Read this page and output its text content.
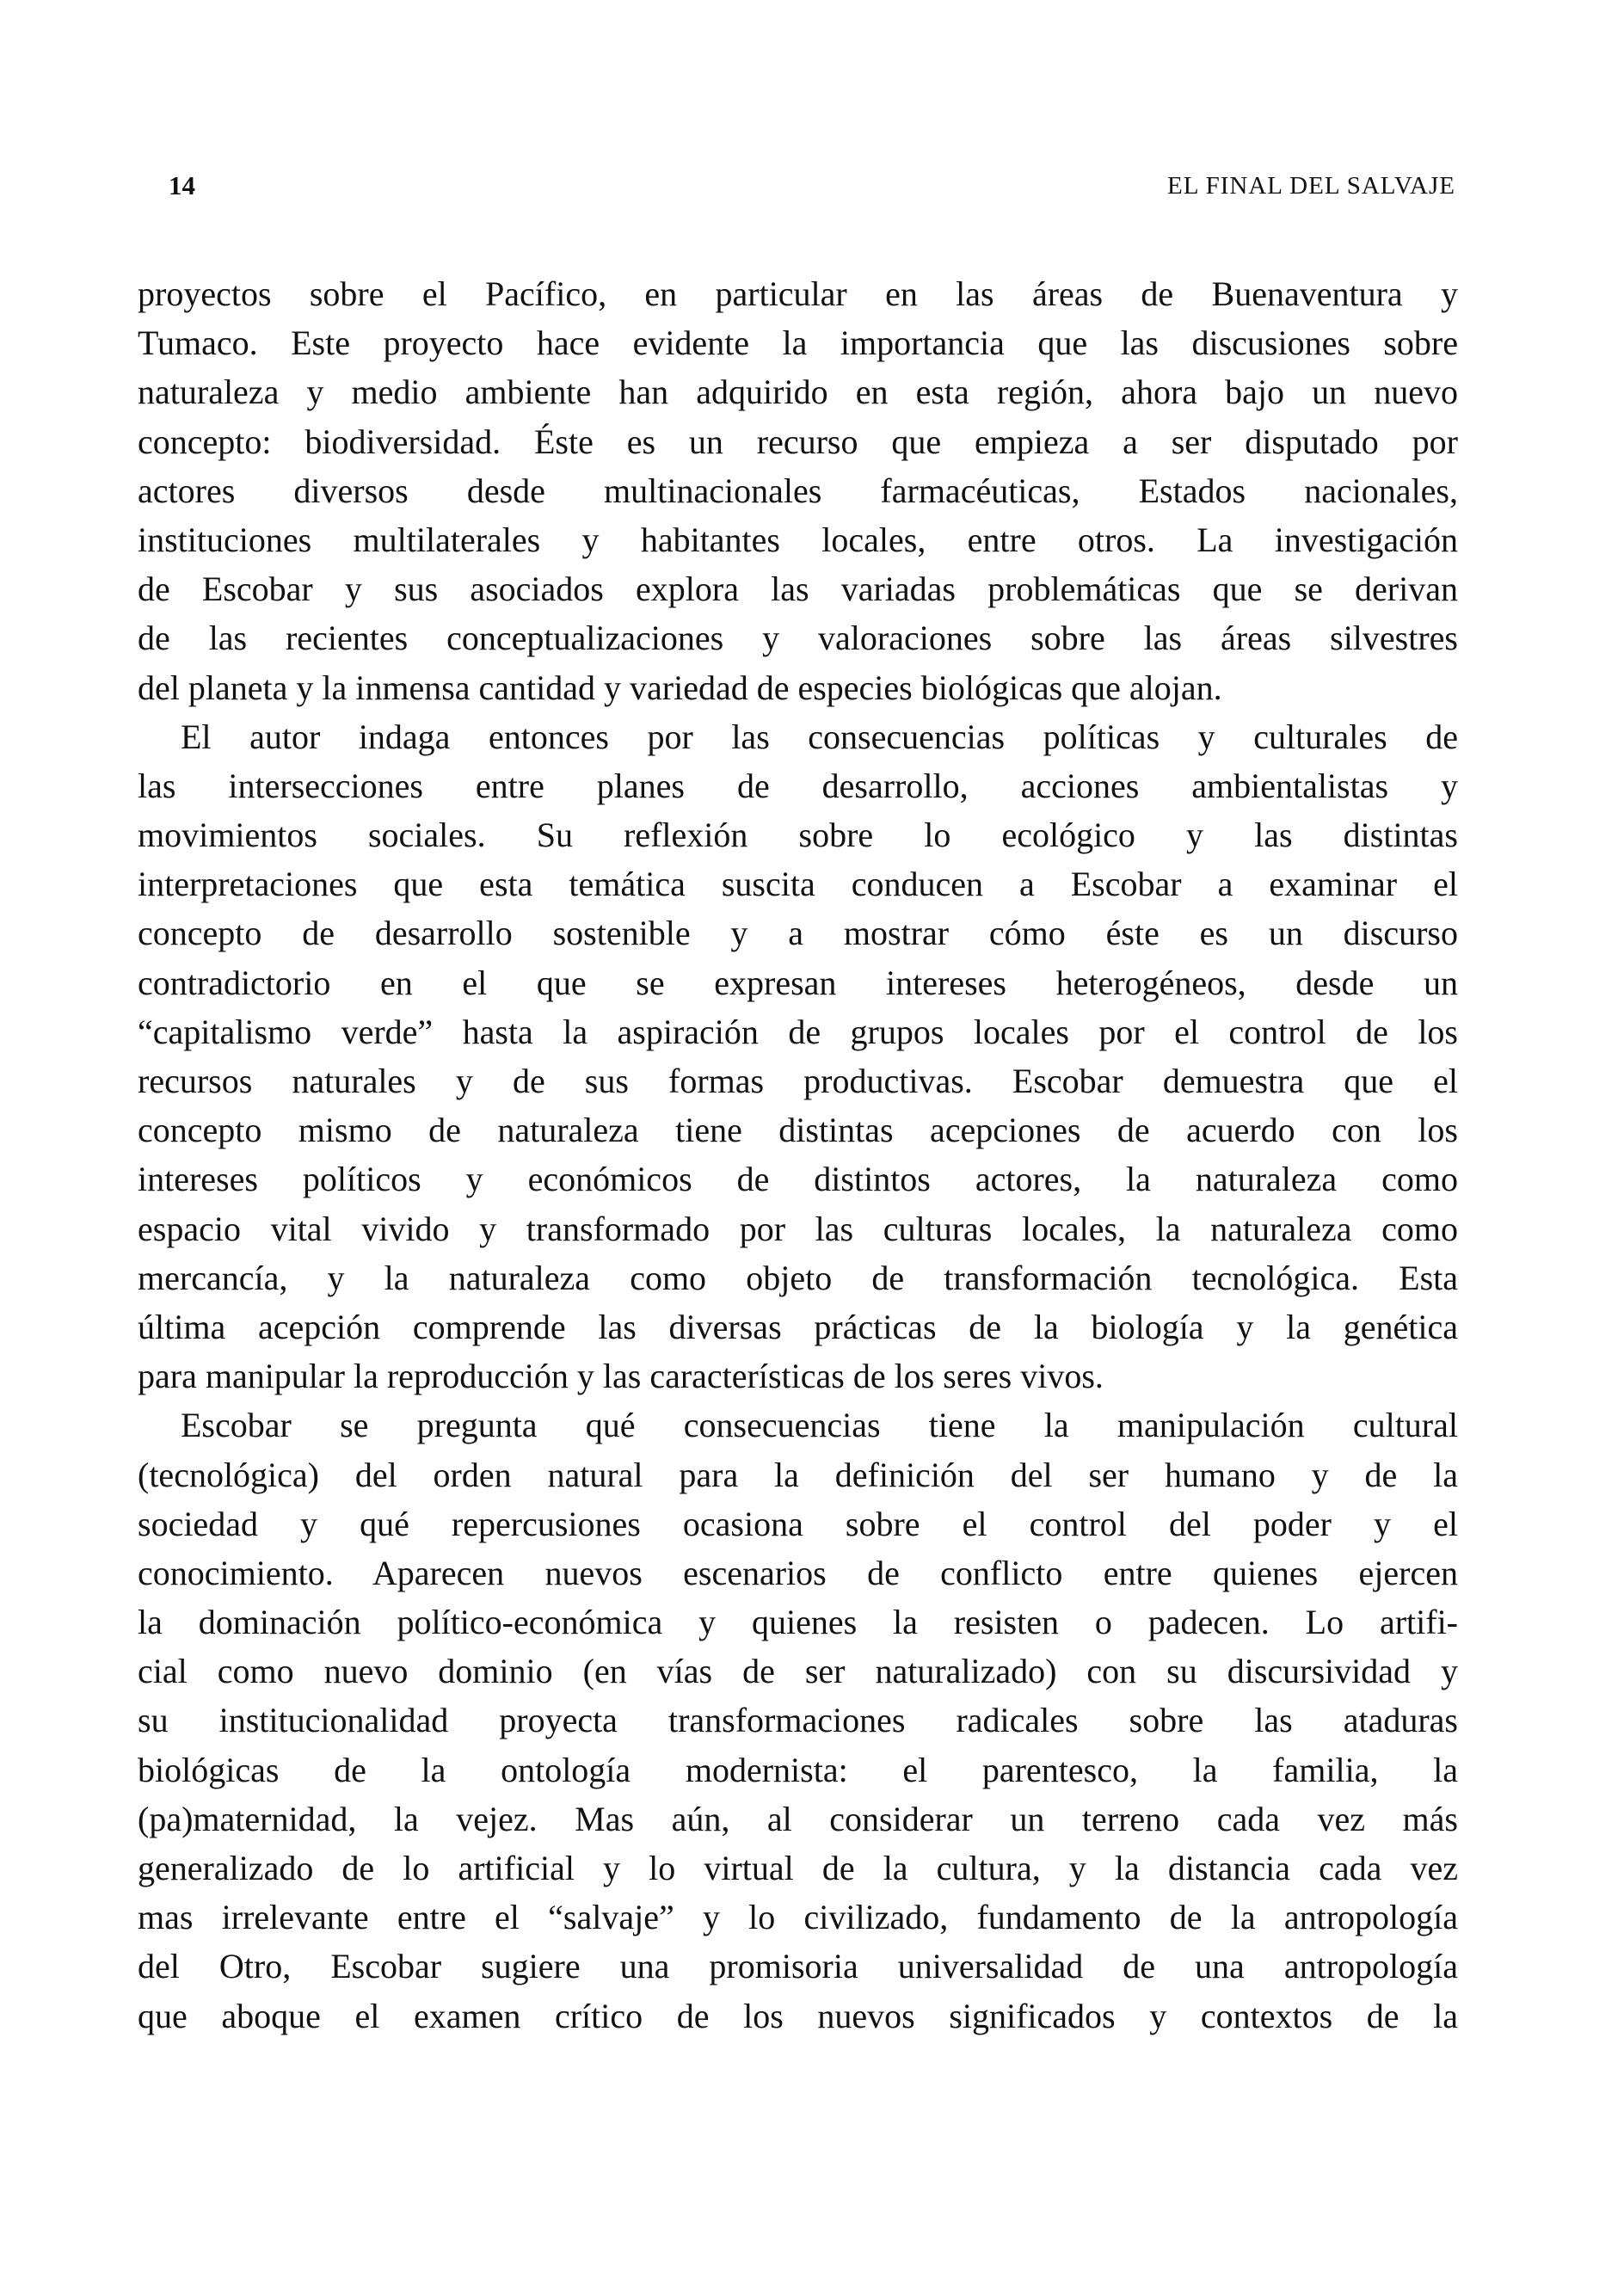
14	EL FINAL DEL SALVAJE
proyectos sobre el Pacífico, en particular en las áreas de Buenaventura y
Tumaco. Este proyecto hace evidente la importancia que las discusiones sobre
naturaleza y medio ambiente han adquirido en esta región, ahora bajo un nuevo
concepto: biodiversidad. Éste es un recurso que empieza a ser disputado por
actores diversos desde multinacionales farmacéuticas, Estados nacionales,
instituciones multilaterales y habitantes locales, entre otros. La investigación
de Escobar y sus asociados explora las variadas problemáticas que se derivan
de las recientes conceptualizaciones y valoraciones sobre las áreas silvestres
del planeta y la inmensa cantidad y variedad de especies biológicas que alojan.
El autor indaga entonces por las consecuencias políticas y culturales de
las intersecciones entre planes de desarrollo, acciones ambientalistas y
movimientos sociales. Su reflexión sobre lo ecológico y las distintas
interpretaciones que esta temática suscita conducen a Escobar a examinar el
concepto de desarrollo sostenible y a mostrar cómo éste es un discurso
contradictorio en el que se expresan intereses heterogéneos, desde un
“capitalismo verde” hasta la aspiración de grupos locales por el control de los
recursos naturales y de sus formas productivas. Escobar demuestra que el
concepto mismo de naturaleza tiene distintas acepciones de acuerdo con los
intereses políticos y económicos de distintos actores, la naturaleza como
espacio vital vivido y transformado por las culturas locales, la naturaleza como
mercancía, y la naturaleza como objeto de transformación tecnológica. Esta
última acepción comprende las diversas prácticas de la biología y la genética
para manipular la reproducción y las características de los seres vivos.
Escobar se pregunta qué consecuencias tiene la manipulación cultural
(tecnológica) del orden natural para la definición del ser humano y de la
sociedad y qué repercusiones ocasiona sobre el control del poder y el
conocimiento. Aparecen nuevos escenarios de conflicto entre quienes ejercen
la dominación político-económica y quienes la resisten o padecen. Lo artifi-
cial como nuevo dominio (en vías de ser naturalizado) con su discursividad y
su institucionalidad proyecta transformaciones radicales sobre las ataduras
biológicas de la ontología modernista: el parentesco, la familia, la
(pa)maternidad, la vejez. Mas aún, al considerar un terreno cada vez más
generalizado de lo artificial y lo virtual de la cultura, y la distancia cada vez
mas irrelevante entre el “salvaje” y lo civilizado, fundamento de la antropología
del Otro, Escobar sugiere una promisoria universalidad de una antropología
que aboque el examen crítico de los nuevos significados y contextos de la
